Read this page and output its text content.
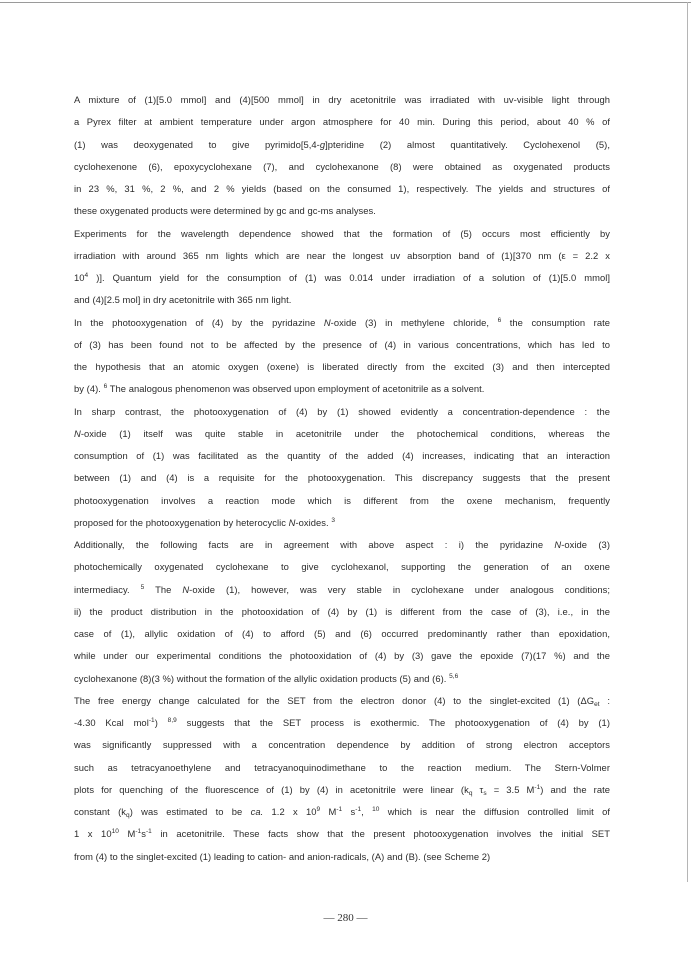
A mixture of (1)[5.0 mmol] and (4)[500 mmol] in dry acetonitrile was irradiated with uv-visible light through
a Pyrex filter at ambient temperature under argon atmosphere for 40 min. During this period, about 40 % of
(1) was deoxygenated to give pyrimido[5,4-g]pteridine (2) almost quantitatively. Cyclohexenol (5),
cyclohexenone (6), epoxycyclohexane (7), and cyclohexanone (8) were obtained as oxygenated products
in 23 %, 31 %, 2 %, and 2 % yields (based on the consumed 1), respectively. The yields and structures of
these oxygenated products were determined by gc and gc-ms analyses.
Experiments for the wavelength dependence showed that the formation of (5) occurs most efficiently by
irradiation with around 365 nm lights which are near the longest uv absorption band of (1)[370 nm (ε = 2.2 x
$10^4$ )]. Quantum yield for the consumption of (1) was 0.014 under irradiation of a solution of (1)[5.0 mmol]
and (4)[2.5 mol] in dry acetonitrile with 365 nm light.
In the photooxygenation of (4) by the pyridazine N-oxide (3) in methylene chloride, $^6$ the consumption rate
of (3) has been found not to be affected by the presence of (4) in various concentrations, which has led to
the hypothesis that an atomic oxygen (oxene) is liberated directly from the excited (3) and then intercepted
by (4). $^6$ The analogous phenomenon was observed upon employment of acetonitrile as a solvent.
In sharp contrast, the photooxygenation of (4) by (1) showed evidently a concentration-dependence : the
N-oxide (1) itself was quite stable in acetonitrile under the photochemical conditions, whereas the
consumption of (1) was facilitated as the quantity of the added (4) increases, indicating that an interaction
between (1) and (4) is a requisite for the photooxygenation. This discrepancy suggests that the present
photooxygenation involves a reaction mode which is different from the oxene mechanism, frequently
proposed for the photooxygenation by heterocyclic N-oxides. $^3$
Additionally, the following facts are in agreement with above aspect : i) the pyridazine N-oxide (3)
photochemically oxygenated cyclohexane to give cyclohexanol, supporting the generation of an oxene
intermediacy. $^5$ The N-oxide (1), however, was very stable in cyclohexane under analogous conditions;
ii) the product distribution in the photooxidation of (4) by (1) is different from the case of (3), i.e., in the
case of (1), allylic oxidation of (4) to afford (5) and (6) occurred predominantly rather than epoxidation,
while under our experimental conditions the photooxidation of (4) by (3) gave the epoxide (7)(17 %) and the
cyclohexanone (8)(3 %) without the formation of the allylic oxidation products (5) and (6). $^{5,6}$
The free energy change calculated for the SET from the electron donor (4) to the singlet-excited (1) ($\Delta G_{et}$ :
-4.30 Kcal mol$^{-1}$) $^{8,9}$ suggests that the SET process is exothermic. The photooxygenation of (4) by (1)
was significantly suppressed with a concentration dependence by addition of strong electron acceptors
such as tetracyanoethylene and tetracyanoquinodimethane to the reaction medium. The Stern-Volmer
plots for quenching of the fluorescence of (1) by (4) in acetonitrile were linear ($k_q$ $\tau_s = 3.5$ $M^{-1}$) and the rate
constant $(k_q)$ was estimated to be ca. 1.2 x $10^9$ $M^{-1}$ $s^{-1}$, $^{10}$ which is near the diffusion controlled limit of
1 x $10^{10}$ $M^{-1}s^{-1}$ in acetonitrile. These facts show that the present photooxygenation involves the initial SET
from (4) to the singlet-excited (1) leading to cation- and anion-radicals, (A) and (B). (see Scheme 2)
— 280 —
